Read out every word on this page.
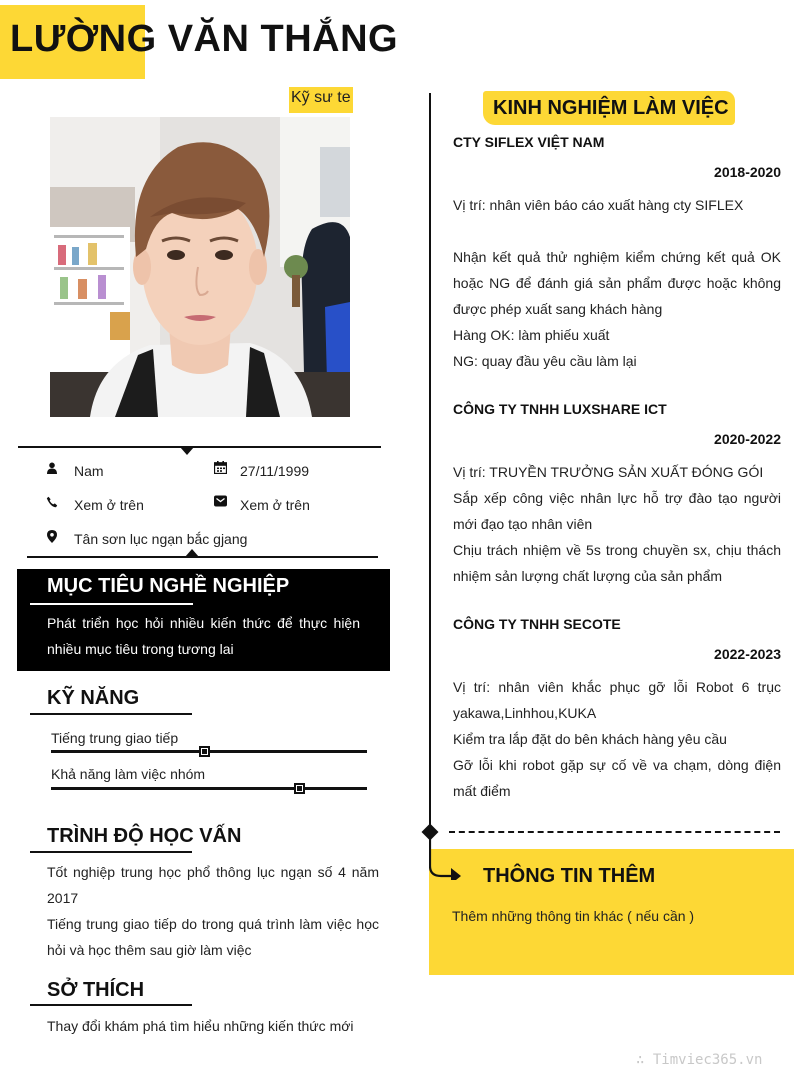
LƯỜNG VĂN THẮNG
Kỹ sư te
Nam	27/11/1999
Xem ở trên	Xem ở trên
Tân sơn lục ngạn bắc gjang
MỤC TIÊU NGHỀ NGHIỆP
Phát triển học hỏi nhiều kiến thức để thực hiện nhiều mục tiêu trong tương lai
KỸ NĂNG
Tiếng trung giao tiếp
Khả năng làm việc nhóm
TRÌNH ĐỘ HỌC VẤN
Tốt nghiệp trung học phổ thông lục ngạn số 4 năm 2017
Tiếng trung giao tiếp do trong quá trình làm việc học hỏi và học thêm sau giờ làm việc
SỞ THÍCH
Thay đổi khám phá tìm hiểu những kiến thức mới
KINH NGHIỆM LÀM VIỆC
CTY SIFLEX VIỆT NAM
2018-2020
Vị trí: nhân viên báo cáo xuất hàng cty SIFLEX
Nhận kết quả thử nghiệm kiểm chứng kết quả OK hoặc NG để đánh giá sản phẩm được hoặc không được phép xuất sang khách hàng
Hàng OK: làm phiếu xuất
NG: quay đầu yêu cầu làm lại
CÔNG TY TNHH LUXSHARE ICT
2020-2022
Vị trí: TRUYỀN TRƯỞNG SẢN XUẤT ĐÓNG GÓI
Sắp xếp công việc nhân lực hỗ trợ đào tạo người mới đạo tạo nhân viên
Chịu trách nhiệm về 5s trong chuyền sx, chịu thách nhiệm sản lượng chất lượng của sản phẩm
CÔNG TY TNHH SECOTE
2022-2023
Vị trí: nhân viên khắc phục gỡ lỗi Robot 6 trục yakawa,Linhhou,KUKA
Kiểm tra lắp đặt do bên khách hàng yêu cầu
Gỡ lỗi khi robot gặp sự cố về va chạm, dòng điện mất điểm
THÔNG TIN THÊM
Thêm những thông tin khác ( nếu cần )
∴ Timviec365.vn
